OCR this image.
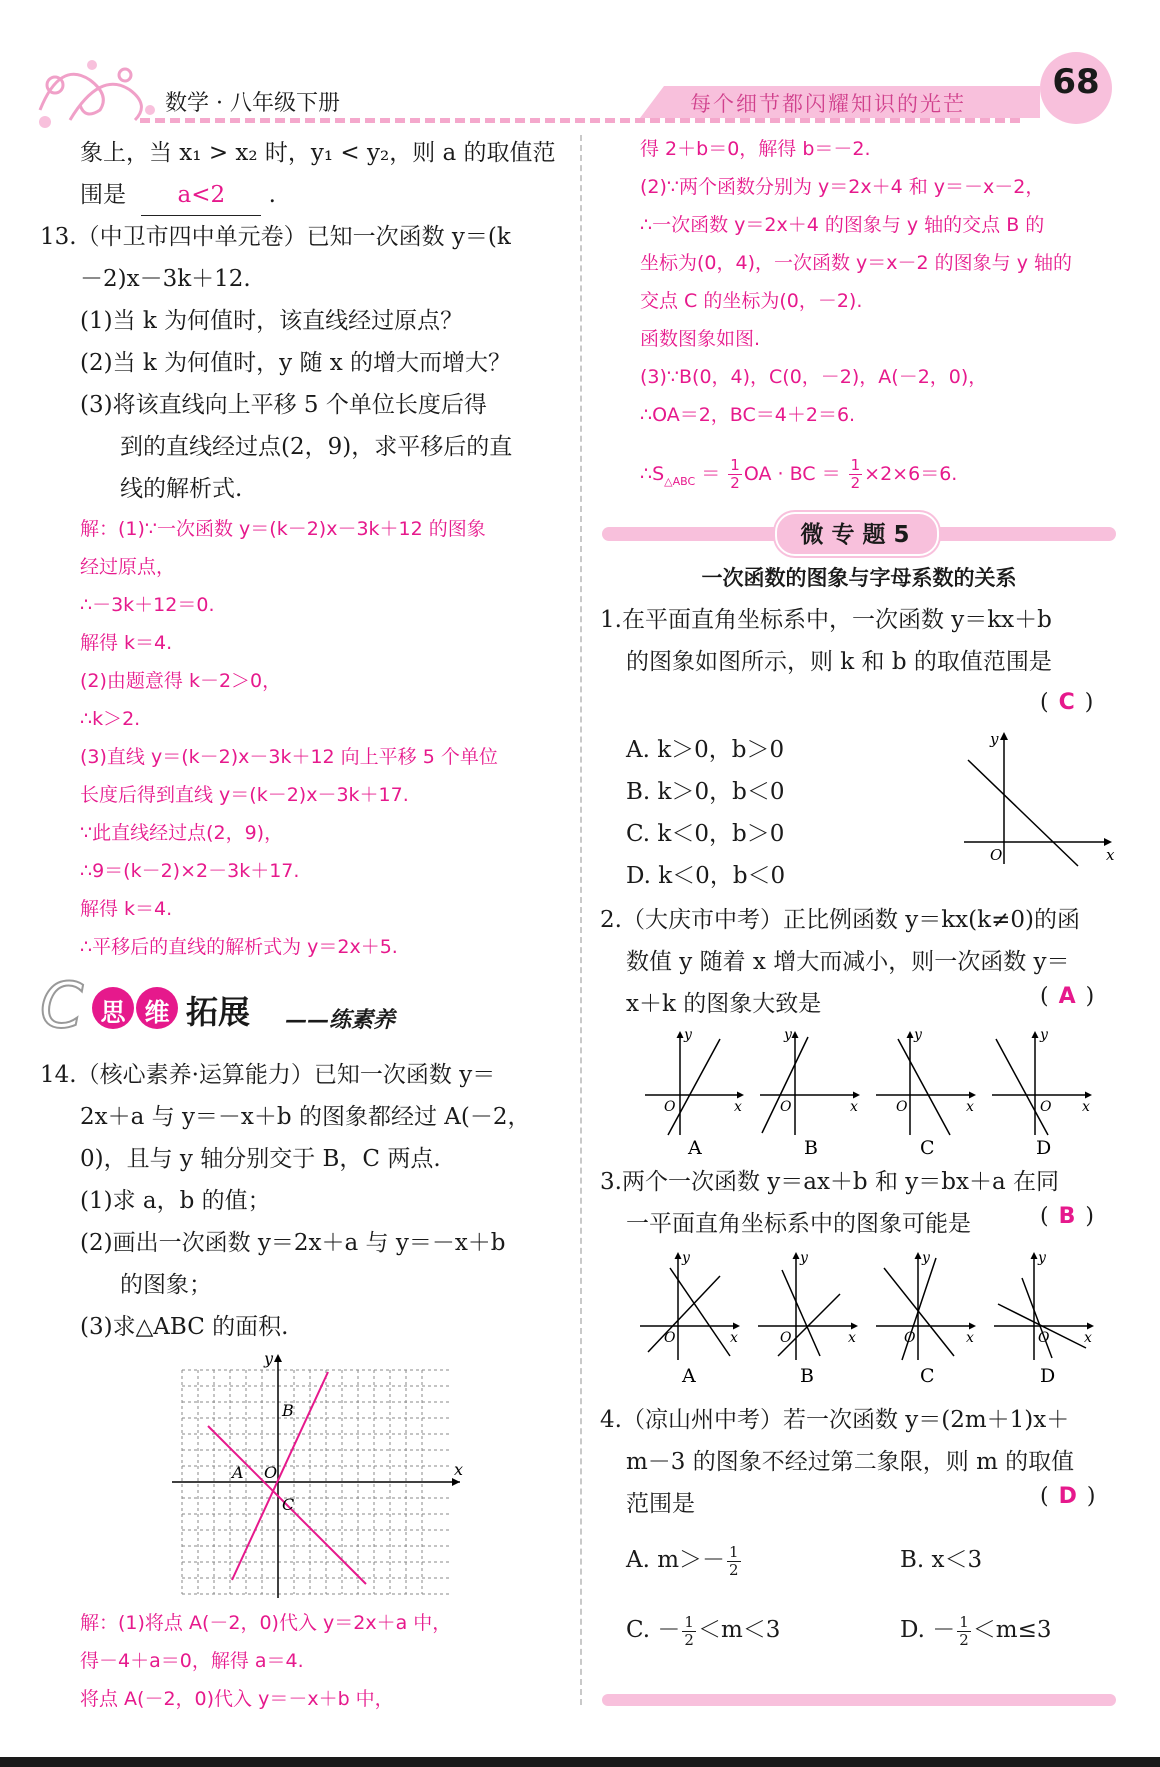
数学 · 八年级下册	每个细节都闪耀知识的光芒
68
象上，当 x₁ > x₂ 时，y₁ < y₂，则 a 的取值范
围是 a<2 .
13.（中卫市四中单元卷）已知一次函数 y＝(k
－2)x－3k＋12.
(1)当 k 为何值时，该直线经过原点？
(2)当 k 为何值时，y 随 x 的增大而增大？
(3)将该直线向上平移 5 个单位长度后得
到的直线经过点(2，9)，求平移后的直
线的解析式.
解：(1)∵一次函数 y＝(k－2)x－3k＋12 的图象
经过原点，
∴－3k＋12＝0.
解得 k＝4.
(2)由题意得 k－2＞0，
∴k＞2.
(3)直线 y＝(k－2)x－3k＋12 向上平移 5 个单位
长度后得到直线 y＝(k－2)x－3k＋17.
∵此直线经过点(2，9)，
∴9＝(k－2)×2－3k＋17.
解得 k＝4.
∴平移后的直线的解析式为 y＝2x＋5.
C 思 维 拓展 ——练素养
14.（核心素养·运算能力）已知一次函数 y＝
2x＋a 与 y＝－x＋b 的图象都经过 A(－2，
0)，且与 y 轴分别交于 B，C 两点.
(1)求 a，b 的值；
(2)画出一次函数 y＝2x＋a 与 y＝－x＋b
的图象；
(3)求△ABC 的面积.
x
y
O
A
B
C
解：(1)将点 A(－2，0)代入 y＝2x＋a 中，
得－4＋a＝0，解得 a＝4.
将点 A(－2，0)代入 y＝－x＋b 中，
得 2＋b＝0，解得 b＝－2.
(2)∵两个函数分别为 y＝2x＋4 和 y＝－x－2，
∴一次函数 y＝2x＋4 的图象与 y 轴的交点 B 的
坐标为(0，4)，一次函数 y＝x－2 的图象与 y 轴的
交点 C 的坐标为(0，－2).
函数图象如图.
(3)∵B(0，4)，C(0，－2)，A(－2，0)，
∴OA＝2，BC＝4＋2＝6.
$\therefore S_{\triangle ABC} = \frac{1}{2}$ OA · BC ＝ $\frac{1}{2} \times 2\times 6=6$.
微 专 题 5
一次函数的图象与字母系数的关系
1.在平面直角坐标系中，一次函数 y＝kx＋b
的图象如图所示，则 k 和 b 的取值范围是
( C )
A. k＞0，b＞0
B. k＞0，b＜0
C. k＜0，b＞0
D. k＜0，b＜0
x
y
O
2.（大庆市中考）正比例函数 y＝kx(k≠0)的函
数值 y 随着 x 增大而减小，则一次函数 y＝
x＋k 的图象大致是	( A )
y
O	x
y
O	x
y
O	x
y
O x
A	B	C	D
3.两个一次函数 y＝ax＋b 和 y＝bx＋a 在同
一平面直角坐标系中的图象可能是	( B )
y
O	x
y
O	x
y
O	x
y
O x
A	B	C	D
4.（凉山州中考）若一次函数 y＝(2m＋1)x＋
m－3 的图象不经过第二象限，则 m 的取值
范围是	( D )
A. $m>- \frac{1}{2}$	B. x＜3
C. － $\frac{1}{2} <m<3$	D. － $\frac{1}{2} <m\le 3$
